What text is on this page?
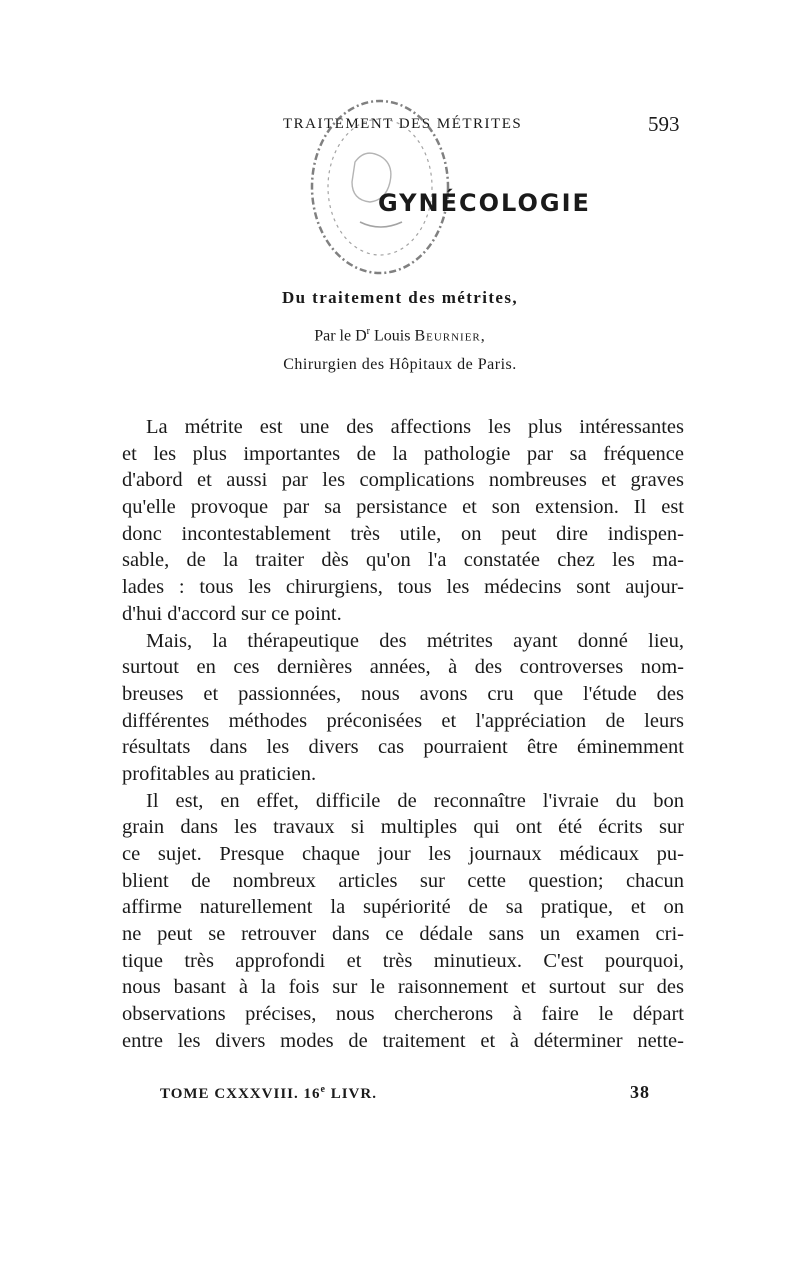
TRAITEMENT DES MÉTRITES	593
GYNÉCOLOGIE
Du traitement des métrites,
Par le $D^r$ Louis Beurnier,
Chirurgien des Hôpitaux de Paris.
La métrite est une des affections les plus intéressantes
et les plus importantes de la pathologie par sa fréquence
d'abord et aussi par les complications nombreuses et graves
qu'elle provoque par sa persistance et son extension. Il est
donc incontestablement très utile, on peut dire indispen-
sable, de la traiter dès qu'on l'a constatée chez les ma-
lades : tous les chirurgiens, tous les médecins sont aujour-
d'hui d'accord sur ce point.
Mais, la thérapeutique des métrites ayant donné lieu,
surtout en ces dernières années, à des controverses nom-
breuses et passionnées, nous avons cru que l'étude des
différentes méthodes préconisées et l'appréciation de leurs
résultats dans les divers cas pourraient être éminemment
profitables au praticien.
Il est, en effet, difficile de reconnaître l'ivraie du bon
grain dans les travaux si multiples qui ont été écrits sur
ce sujet. Presque chaque jour les journaux médicaux pu-
blient de nombreux articles sur cette question; chacun
affirme naturellement la supériorité de sa pratique, et on
ne peut se retrouver dans ce dédale sans un examen cri-
tique très approfondi et très minutieux. C'est pourquoi,
nous basant à la fois sur le raisonnement et surtout sur des
observations précises, nous chercherons à faire le départ
entre les divers modes de traitement et à déterminer nette-
TOME CXXXVIII. 16e LIVR.	38
